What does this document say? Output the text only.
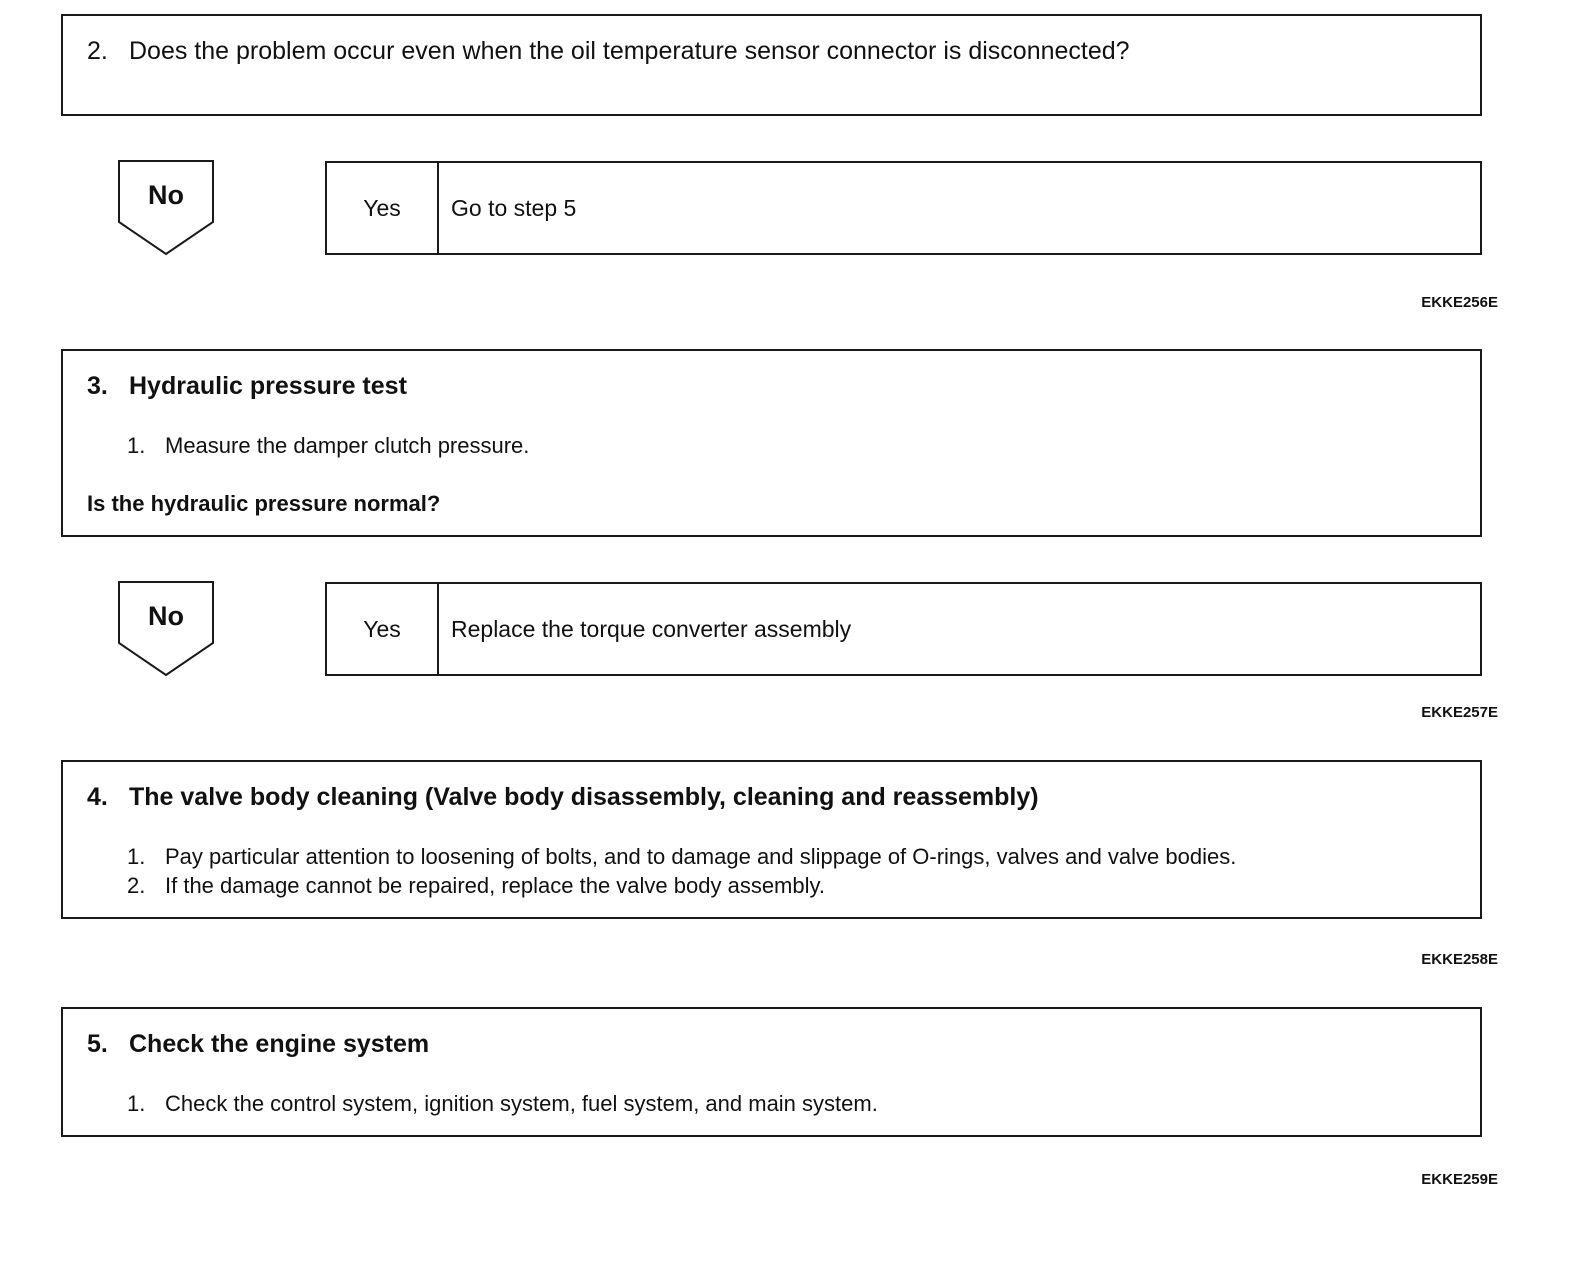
2. Does the problem occur even when the oil temperature sensor connector is disconnected?
No	Yes	Go to step 5
EKKE256E
3. Hydraulic pressure test
1. Measure the damper clutch pressure.
Is the hydraulic pressure normal?
No	Yes	Replace the torque converter assembly
EKKE257E
4. The valve body cleaning (Valve body disassembly, cleaning and reassembly)
1. Pay particular attention to loosening of bolts, and to damage and slippage of O-rings, valves and valve bodies.
2. If the damage cannot be repaired, replace the valve body assembly.
EKKE258E
5. Check the engine system
1. Check the control system, ignition system, fuel system, and main system.
EKKE259E
